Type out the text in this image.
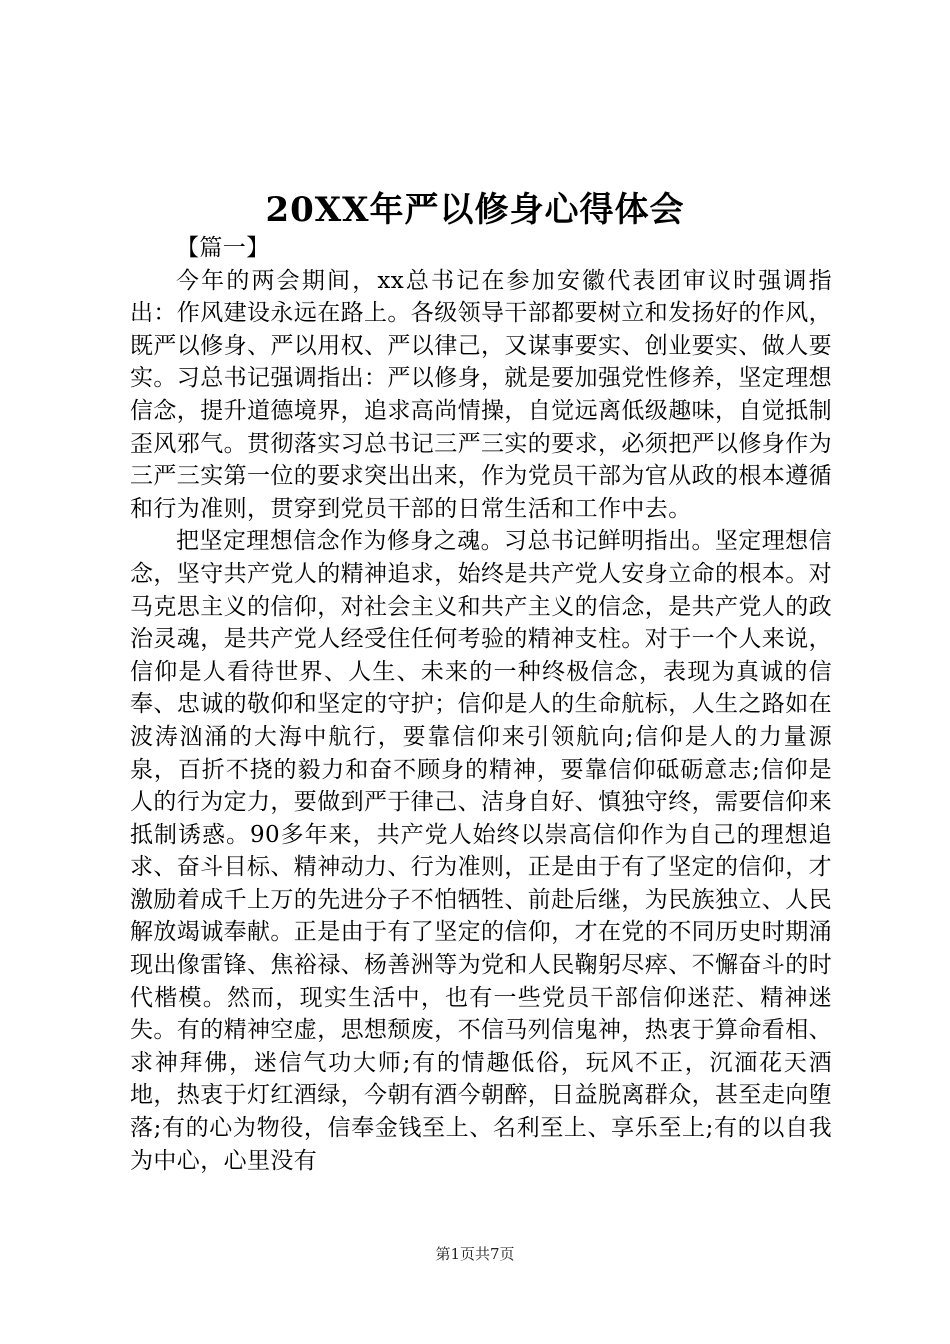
20XX年严以修身心得体会

【篇一】

今年的两会期间，xx总书记在参加安徽代表团审议时强调指出：作风建设永远在路上。各级领导干部都要树立和发扬好的作风，既严以修身、严以用权、严以律己，又谋事要实、创业要实、做人要实。习总书记强调指出：严以修身，就是要加强党性修养，坚定理想信念，提升道德境界，追求高尚情操，自觉远离低级趣味，自觉抵制歪风邪气。贯彻落实习总书记三严三实的要求，必须把严以修身作为三严三实第一位的要求突出出来，作为党员干部为官从政的根本遵循和行为准则，贯穿到党员干部的日常生活和工作中去。

把坚定理想信念作为修身之魂。习总书记鲜明指出。坚定理想信念，坚守共产党人的精神追求，始终是共产党人安身立命的根本。对马克思主义的信仰，对社会主义和共产主义的信念，是共产党人的政治灵魂，是共产党人经受住任何考验的精神支柱。对于一个人来说，信仰是人看待世界、人生、未来的一种终极信念，表现为真诚的信奉、忠诚的敬仰和坚定的守护；信仰是人的生命航标，人生之路如在波涛汹涌的大海中航行，要靠信仰来引领航向;信仰是人的力量源泉，百折不挠的毅力和奋不顾身的精神，要靠信仰砥砺意志;信仰是人的行为定力，要做到严于律己、洁身自好、慎独守终，需要信仰来抵制诱惑。90多年来，共产党人始终以崇高信仰作为自己的理想追求、奋斗目标、精神动力、行为准则，正是由于有了坚定的信仰，才激励着成千上万的先进分子不怕牺牲、前赴后继，为民族独立、人民解放竭诚奉献。正是由于有了坚定的信仰，才在党的不同历史时期涌现出像雷锋、焦裕禄、杨善洲等为党和人民鞠躬尽瘁、不懈奋斗的时代楷模。然而，现实生活中，也有一些党员干部信仰迷茫、精神迷失。有的精神空虚，思想颓废，不信马列信鬼神，热衷于算命看相、求神拜佛，迷信气功大师;有的情趣低俗，玩风不正，沉湎花天酒地，热衷于灯红酒绿，今朝有酒今朝醉，日益脱离群众，甚至走向堕落;有的心为物役，信奉金钱至上、名利至上、享乐至上;有的以自我为中心，心里没有

第1页共7页
